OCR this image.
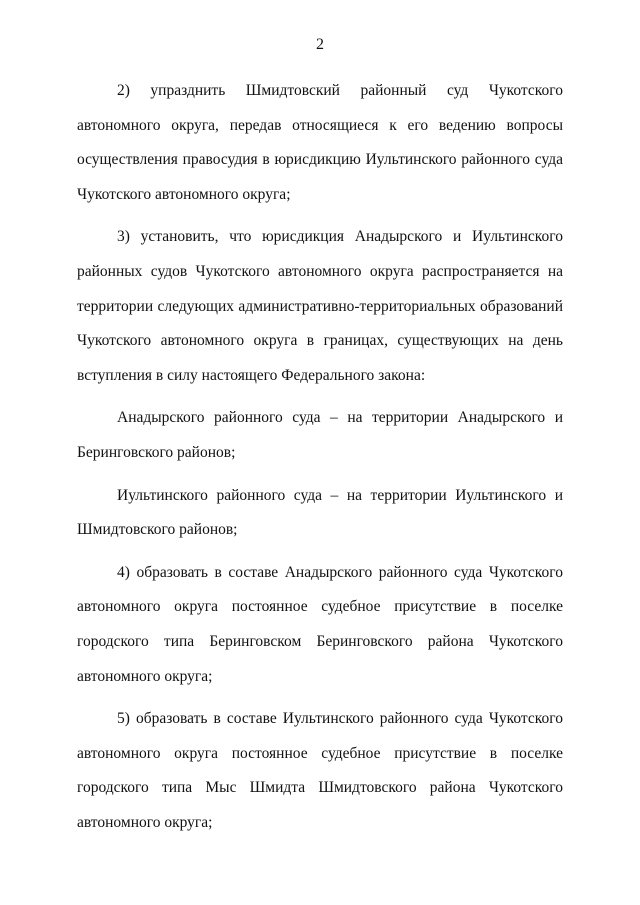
2

2) упразднить Шмидтовский районный суд Чукотского автономного округа, передав относящиеся к его ведению вопросы осуществления правосудия в юрисдикцию Иультинского районного суда Чукотского автономного округа;

3) установить, что юрисдикция Анадырского и Иультинского районных судов Чукотского автономного округа распространяется на территории следующих административно-территориальных образований Чукотского автономного округа в границах, существующих на день вступления в силу настоящего Федерального закона:

Анадырского районного суда – на территории Анадырского и Беринговского районов;

Иультинского районного суда – на территории Иультинского и Шмидтовского районов;

4) образовать в составе Анадырского районного суда Чукотского автономного округа постоянное судебное присутствие в поселке городского типа Беринговском Беринговского района Чукотского автономного округа;

5) образовать в составе Иультинского районного суда Чукотского автономного округа постоянное судебное присутствие в поселке городского типа Мыс Шмидта Шмидтовского района Чукотского автономного округа;
